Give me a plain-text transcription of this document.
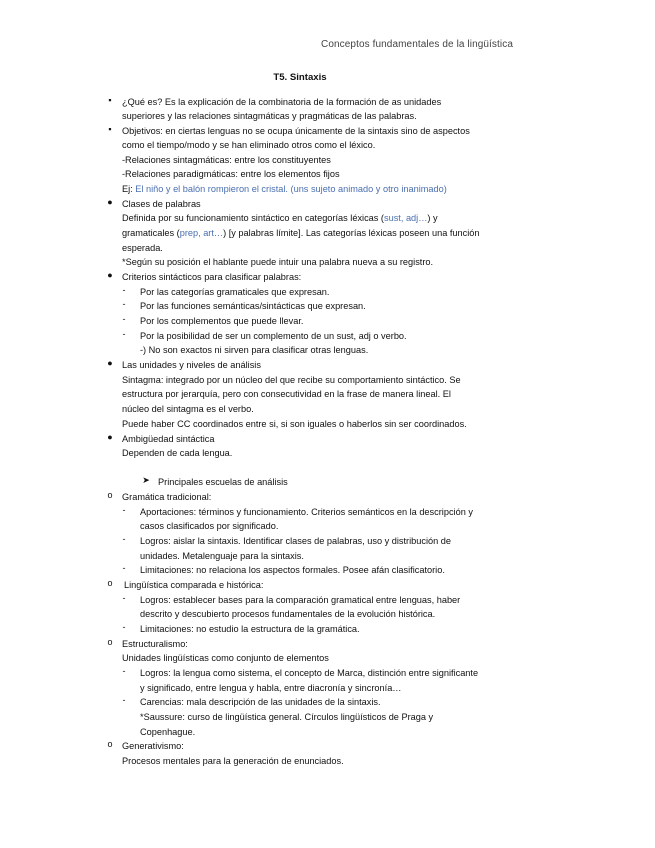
Conceptos fundamentales de la lingüística
T5. Sintaxis
▪	¿Qué es? Es la explicación de la combinatoria de la formación de as unidades
superiores y las relaciones sintagmáticas y pragmáticas de las palabras.
▪	Objetivos: en ciertas lenguas no se ocupa únicamente de la sintaxis sino de aspectos
como el tiempo/modo y se han eliminado otros como el léxico.
-Relaciones sintagmáticas: entre los constituyentes
-Relaciones paradigmáticas: entre los elementos fijos
Ej: El niño y el balón rompieron el cristal. (uns sujeto animado y otro inanimado)
●	Clases de palabras
Definida por su funcionamiento sintáctico en categorías léxicas (sust, adj…) y
gramaticales (prep, art…) [y palabras límite]. Las categorías léxicas poseen una función
esperada.
*Según su posición el hablante puede intuir una palabra nueva a su registro.
●	Criterios sintácticos para clasificar palabras:
-	Por las categorías gramaticales que expresan.
-	Por las funciones semánticas/sintácticas que expresan.
-	Por los complementos que puede llevar.
-	Por la posibilidad de ser un complemento de un sust, adj o verbo.
-) No son exactos ni sirven para clasificar otras lenguas.
●	Las unidades y niveles de análisis
Sintagma: integrado por un núcleo del que recibe su comportamiento sintáctico. Se
estructura por jerarquía, pero con consecutividad en la frase de manera lineal. El
núcleo del sintagma es el verbo.
Puede haber CC coordinados entre si, si son iguales o haberlos sin ser coordinados.
●	Ambigüedad sintáctica
Dependen de cada lengua.
➤ Principales escuelas de análisis
o	Gramática tradicional:
-	Aportaciones: términos y funcionamiento. Criterios semánticos en la descripción y
casos clasificados por significado.
-	Logros: aislar la sintaxis. Identificar clases de palabras, uso y distribución de
unidades. Metalenguaje para la sintaxis.
-	Limitaciones: no relaciona los aspectos formales. Posee afán clasificatorio.
o	Lingüística comparada e histórica:
-	Logros: establecer bases para la comparación gramatical entre lenguas, haber
descrito y descubierto procesos fundamentales de la evolución histórica.
-	Limitaciones: no estudio la estructura de la gramática.
o	Estructuralismo:
Unidades lingüísticas como conjunto de elementos
-	Logros: la lengua como sistema, el concepto de Marca, distinción entre significante
y significado, entre lengua y habla, entre diacronía y sincronía…
-	Carencias: mala descripción de las unidades de la sintaxis.
*Saussure: curso de lingüística general. Círculos lingüísticos de Praga y
Copenhague.
o	Generativismo:
Procesos mentales para la generación de enunciados.
